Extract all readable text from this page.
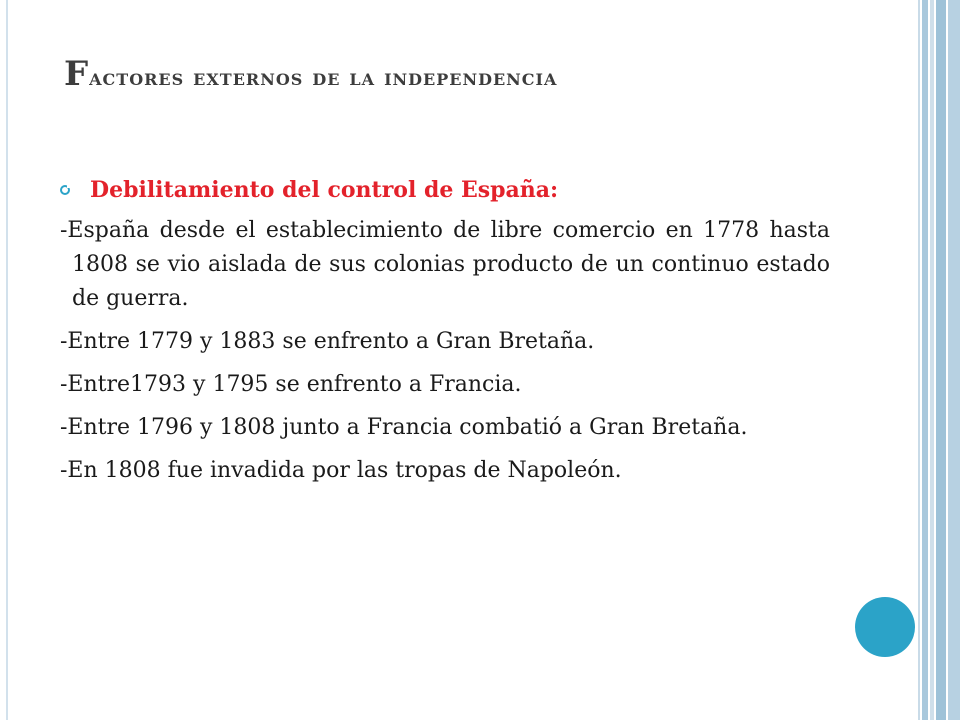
Factores externos de la independencia
Debilitamiento del control de España:
-España desde el establecimiento de libre comercio en 1778 hasta 1808 se vio aislada de sus colonias producto de un continuo estado de guerra.
-Entre 1779 y 1883 se enfrento a Gran Bretaña.
-Entre1793 y 1795 se enfrento a Francia.
-Entre 1796 y 1808 junto a Francia combatió a Gran Bretaña.
-En 1808 fue invadida por las tropas de Napoleón.
